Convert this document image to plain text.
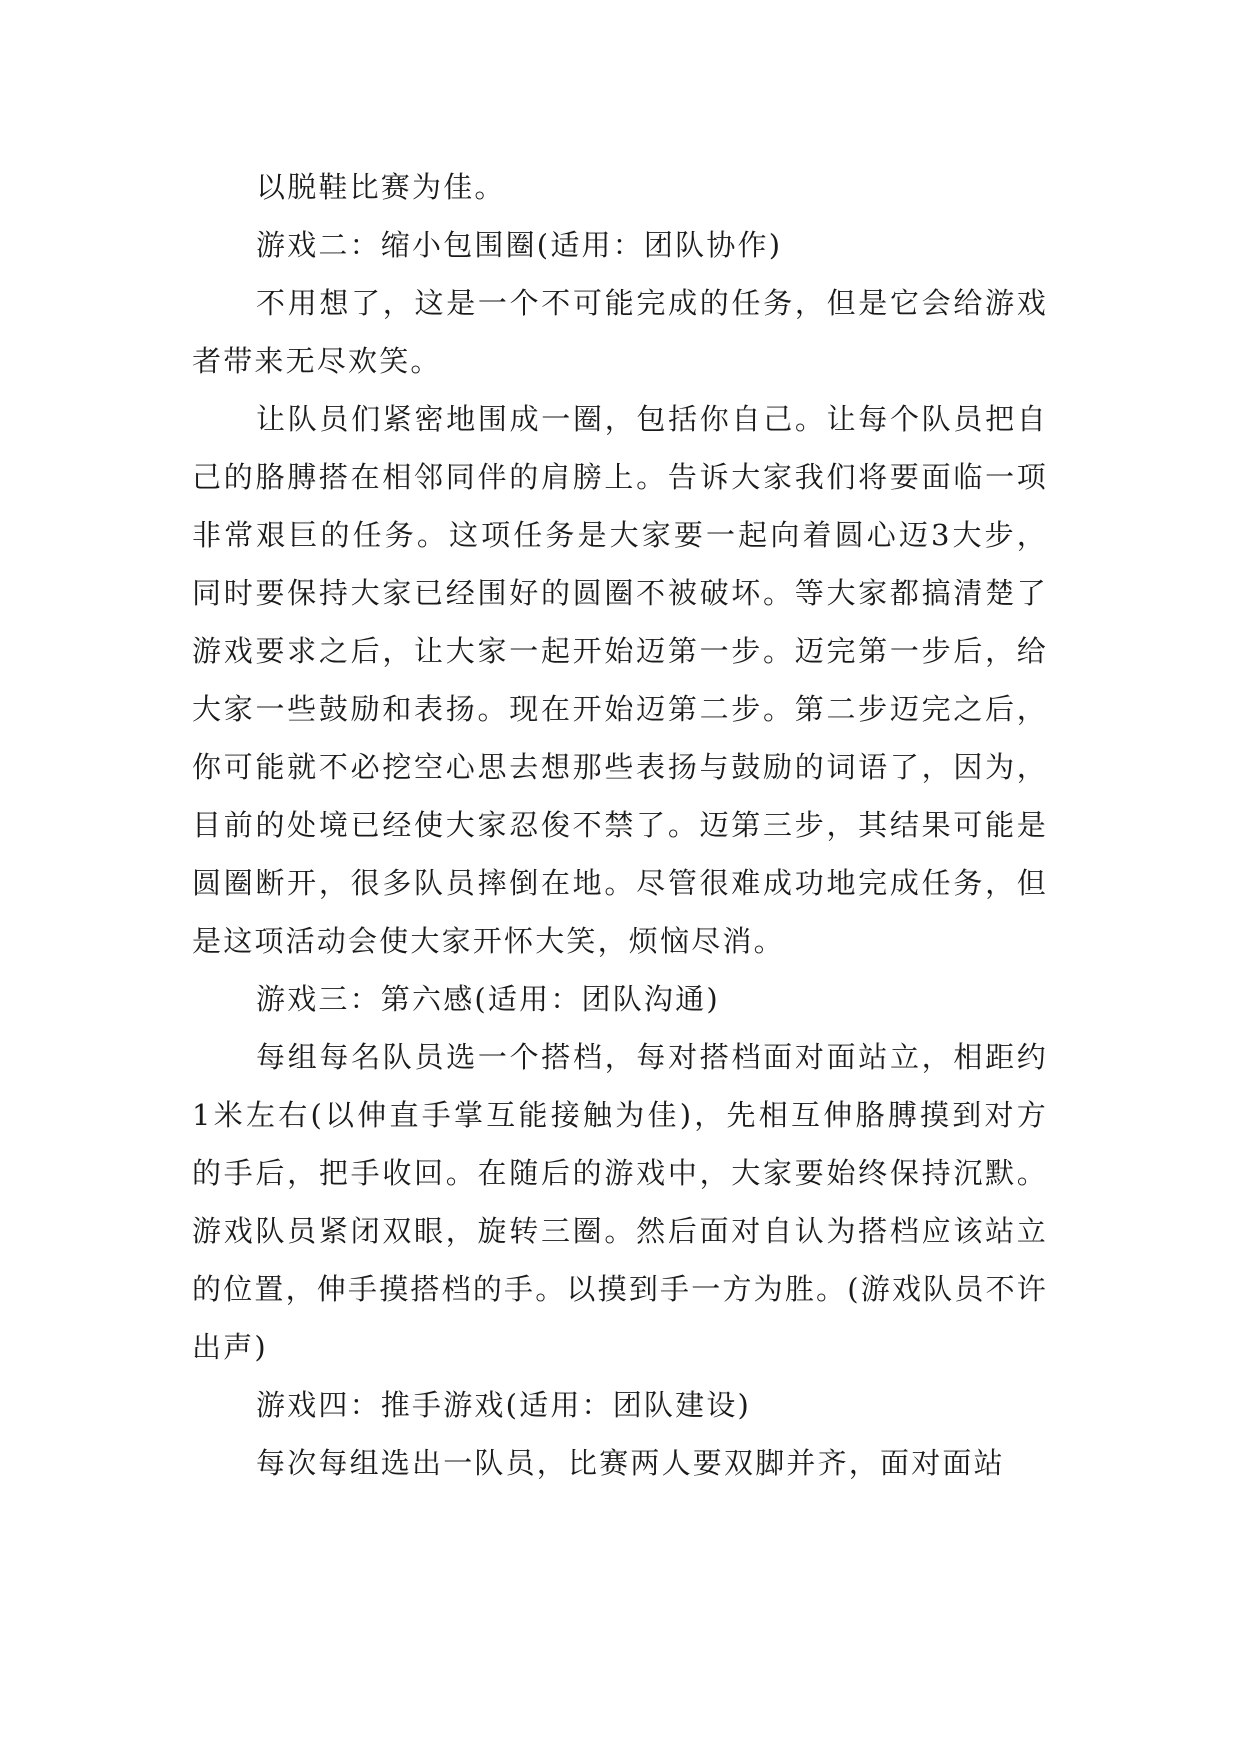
以脱鞋比赛为佳。

游戏二：缩小包围圈(适用：团队协作)

不用想了，这是一个不可能完成的任务，但是它会给游戏者带来无尽欢笑。

让队员们紧密地围成一圈，包括你自己。让每个队员把自己的胳膊搭在相邻同伴的肩膀上。告诉大家我们将要面临一项非常艰巨的任务。这项任务是大家要一起向着圆心迈3大步，同时要保持大家已经围好的圆圈不被破坏。等大家都搞清楚了游戏要求之后，让大家一起开始迈第一步。迈完第一步后，给大家一些鼓励和表扬。现在开始迈第二步。第二步迈完之后，你可能就不必挖空心思去想那些表扬与鼓励的词语了，因为，目前的处境已经使大家忍俊不禁了。迈第三步，其结果可能是圆圈断开，很多队员摔倒在地。尽管很难成功地完成任务，但是这项活动会使大家开怀大笑，烦恼尽消。

游戏三：第六感(适用：团队沟通)

每组每名队员选一个搭档，每对搭档面对面站立，相距约1米左右(以伸直手掌互能接触为佳)，先相互伸胳膊摸到对方的手后，把手收回。在随后的游戏中，大家要始终保持沉默。游戏队员紧闭双眼，旋转三圈。然后面对自认为搭档应该站立的位置，伸手摸搭档的手。以摸到手一方为胜。(游戏队员不许出声)

游戏四：推手游戏(适用：团队建设)

每次每组选出一队员，比赛两人要双脚并齐，面对面站
